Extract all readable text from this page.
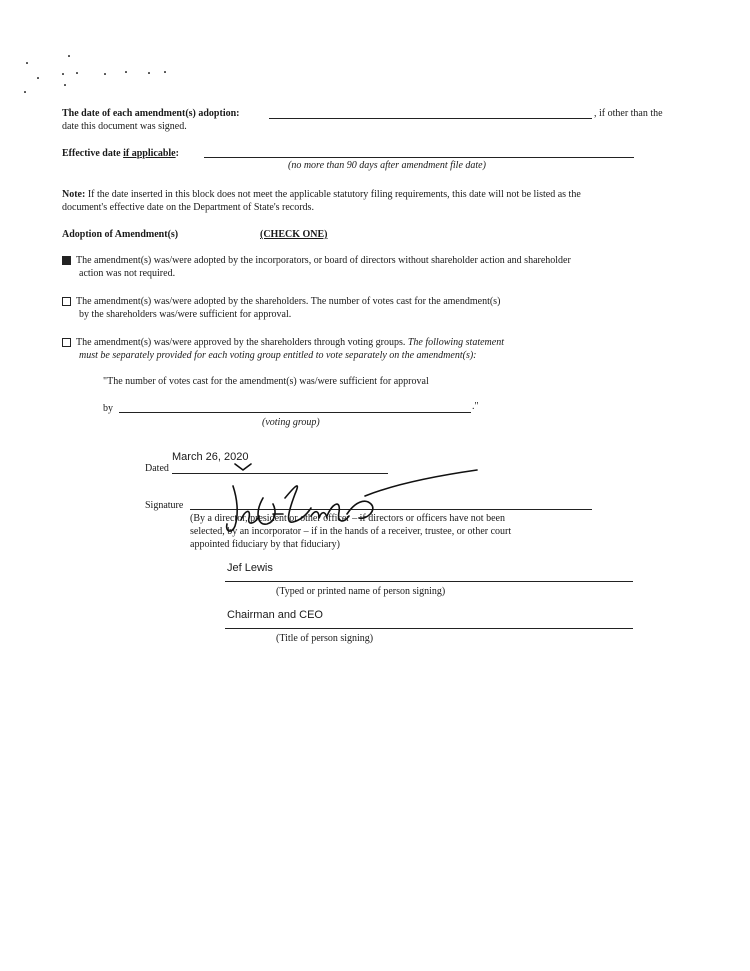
The date of each amendment(s) adoption:	, if other than the
date this document was signed.
Effective date if applicable:
(no more than 90 days after amendment file date)
Note: If the date inserted in this block does not meet the applicable statutory filing requirements, this date will not be listed as the
document's effective date on the Department of State's records.
Adoption of Amendment(s)	(CHECK ONE)
The amendment(s) was/were adopted by the incorporators, or board of directors without shareholder action and shareholder
action was not required.
The amendment(s) was/were adopted by the shareholders. The number of votes cast for the amendment(s)
by the shareholders was/were sufficient for approval.
The amendment(s) was/were approved by the shareholders through voting groups. The following statement
must be separately provided for each voting group entitled to vote separately on the amendment(s):
"The number of votes cast for the amendment(s) was/were sufficient for approval
by	."
(voting group)
March 26, 2020
Dated
Signature
(By a director, president or other officer – if directors or officers have not been
selected, by an incorporator – if in the hands of a receiver, trustee, or other court
appointed fiduciary by that fiduciary)
Jef Lewis
(Typed or printed name of person signing)
Chairman and CEO
(Title of person signing)
